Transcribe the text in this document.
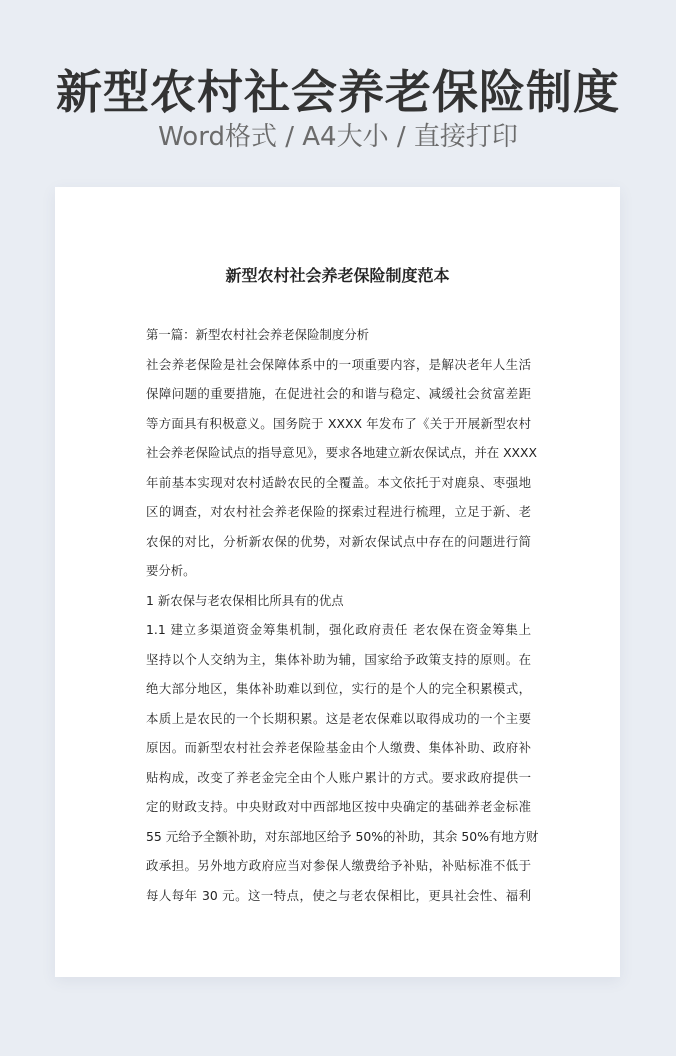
新型农村社会养老保险制度
Word格式 / A4大小 / 直接打印
新型农村社会养老保险制度范本
第一篇：新型农村社会养老保险制度分析
社会养老保险是社会保障体系中的一项重要内容，是解决老年人生活
保障问题的重要措施，在促进社会的和谐与稳定、减缓社会贫富差距
等方面具有积极意义。国务院于 XXXX 年发布了《关于开展新型农村
社会养老保险试点的指导意见》，要求各地建立新农保试点，并在 XXXX
年前基本实现对农村适龄农民的全覆盖。本文依托于对鹿泉、枣强地
区的调查，对农村社会养老保险的探索过程进行梳理，立足于新、老
农保的对比，分析新农保的优势，对新农保试点中存在的问题进行简
要分析。
1 新农保与老农保相比所具有的优点
1.1 建立多渠道资金筹集机制，强化政府责任 老农保在资金筹集上
坚持以个人交纳为主，集体补助为辅，国家给予政策支持的原则。在
绝大部分地区，集体补助难以到位，实行的是个人的完全积累模式，
本质上是农民的一个长期积累。这是老农保难以取得成功的一个主要
原因。而新型农村社会养老保险基金由个人缴费、集体补助、政府补
贴构成，改变了养老金完全由个人账户累计的方式。要求政府提供一
定的财政支持。中央财政对中西部地区按中央确定的基础养老金标准
55 元给予全额补助，对东部地区给予 50%的补助，其余 50%有地方财
政承担。另外地方政府应当对参保人缴费给予补贴，补贴标准不低于
每人每年 30 元。这一特点，使之与老农保相比，更具社会性、福利
